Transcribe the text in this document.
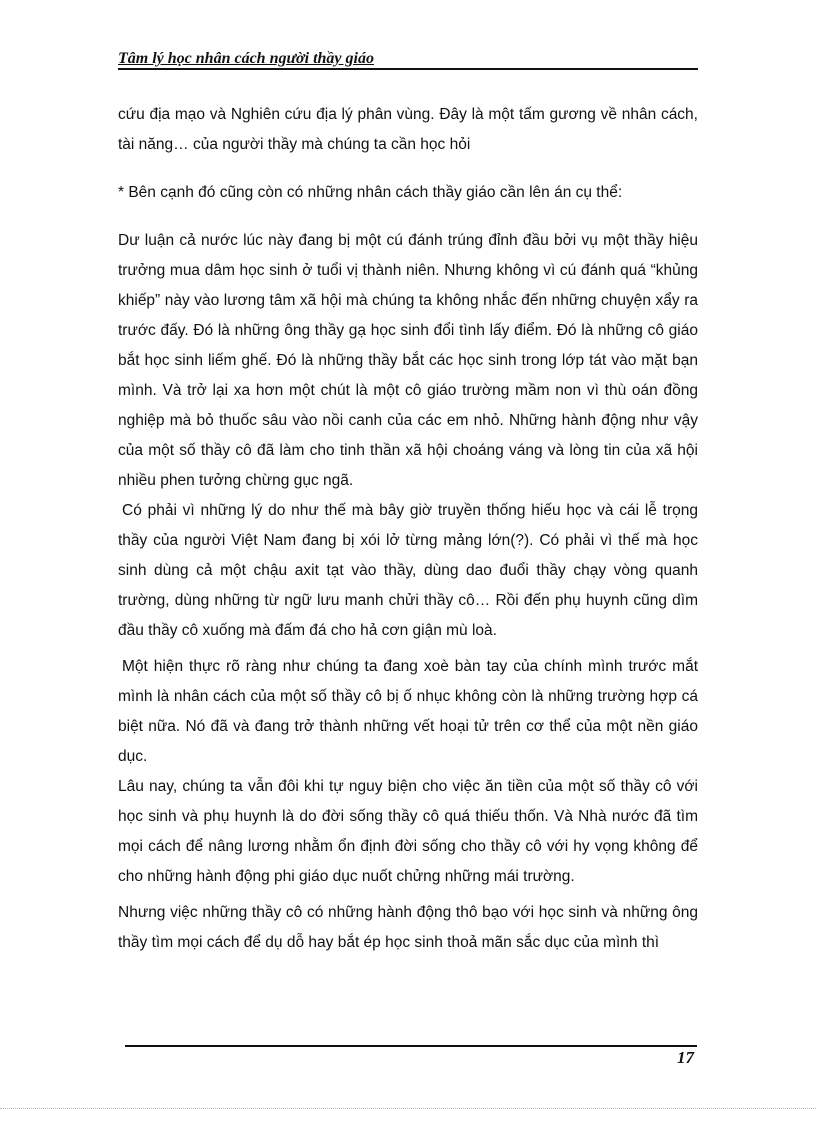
Tâm lý học nhân cách người thầy giáo

cứu địa mạo và Nghiên cứu địa lý phân vùng. Đây là một tấm gương về nhân cách, tài năng… của người thầy mà chúng ta cần học hỏi

* Bên cạnh đó cũng còn có những nhân cách thầy giáo cần lên án cụ thể:

Dư luận cả nước lúc này đang bị một cú đánh trúng đỉnh đầu bởi vụ một thầy hiệu trưởng mua dâm học sinh ở tuổi vị thành niên. Nhưng không vì cú đánh quá “khủng khiếp” này vào lương tâm xã hội mà chúng ta không nhắc đến những chuyện xẩy ra trước đấy. Đó là những ông thầy gạ học sinh đổi tình lấy điểm. Đó là những cô giáo bắt học sinh liếm ghế. Đó là những thầy bắt các học sinh trong lớp tát vào mặt bạn mình. Và trở lại xa hơn một chút là một cô giáo trường mầm non vì thù oán đồng nghiệp mà bỏ thuốc sâu vào nồi canh của các em nhỏ. Những hành động như vậy của một số thầy cô đã làm cho tinh thần xã hội choáng váng và lòng tin của xã hội nhiều phen tưởng chừng gục ngã.

Có phải vì những lý do như thế mà bây giờ truyền thống hiếu học và cái lễ trọng thầy của người Việt Nam đang bị xói lở từng mảng lớn(?). Có phải vì thế mà học sinh dùng cả một chậu axit tạt vào thầy, dùng dao đuổi thầy chạy vòng quanh trường, dùng những từ ngữ lưu manh chửi thầy cô… Rồi đến phụ huynh cũng dìm đầu thầy cô xuống mà đấm đá cho hả cơn giận mù loà.

Một hiện thực rõ ràng như chúng ta đang xoè bàn tay của chính mình trước mắt mình là nhân cách của một số thầy cô bị ố nhục không còn là những trường hợp cá biệt nữa. Nó đã và đang trở thành những vết hoại tử trên cơ thể của một nền giáo dục.

Lâu nay, chúng ta vẫn đôi khi tự nguy biện cho việc ăn tiền của một số thầy cô với học sinh và phụ huynh là do đời sống thầy cô quá thiếu thốn. Và Nhà nước đã tìm mọi cách để nâng lương nhằm ổn định đời sống cho thầy cô với hy vọng không để cho những hành động phi giáo dục nuốt chửng những mái trường.

Nhưng việc những thầy cô có những hành động thô bạo với học sinh và những ông thầy tìm mọi cách để dụ dỗ hay bắt ép học sinh thoả mãn sắc dục của mình thì

17
